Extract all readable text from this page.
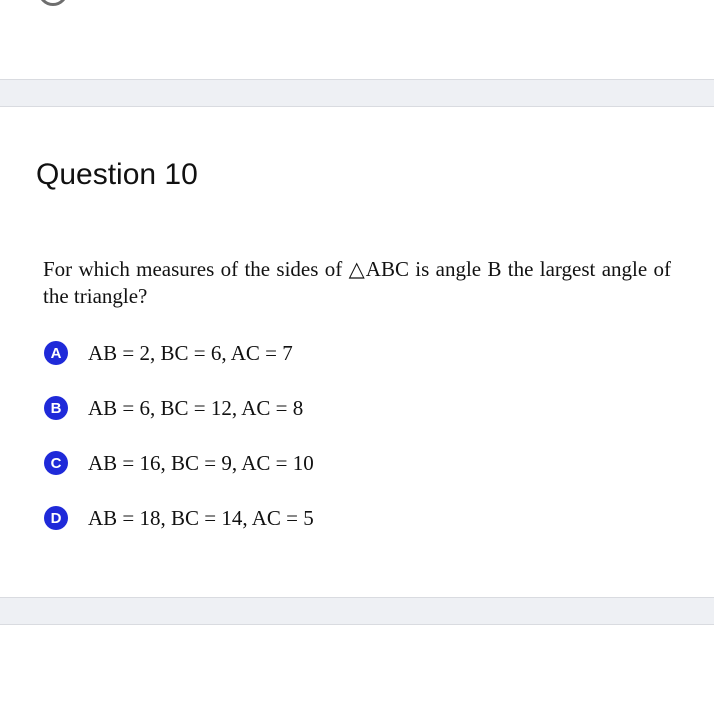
Question 10
For which measures of the sides of △ABC is angle B the largest angle of the triangle?
A	AB = 2, BC = 6, AC = 7
B	AB = 6, BC = 12, AC = 8
C	AB = 16, BC = 9, AC = 10
D	AB = 18, BC = 14, AC = 5
